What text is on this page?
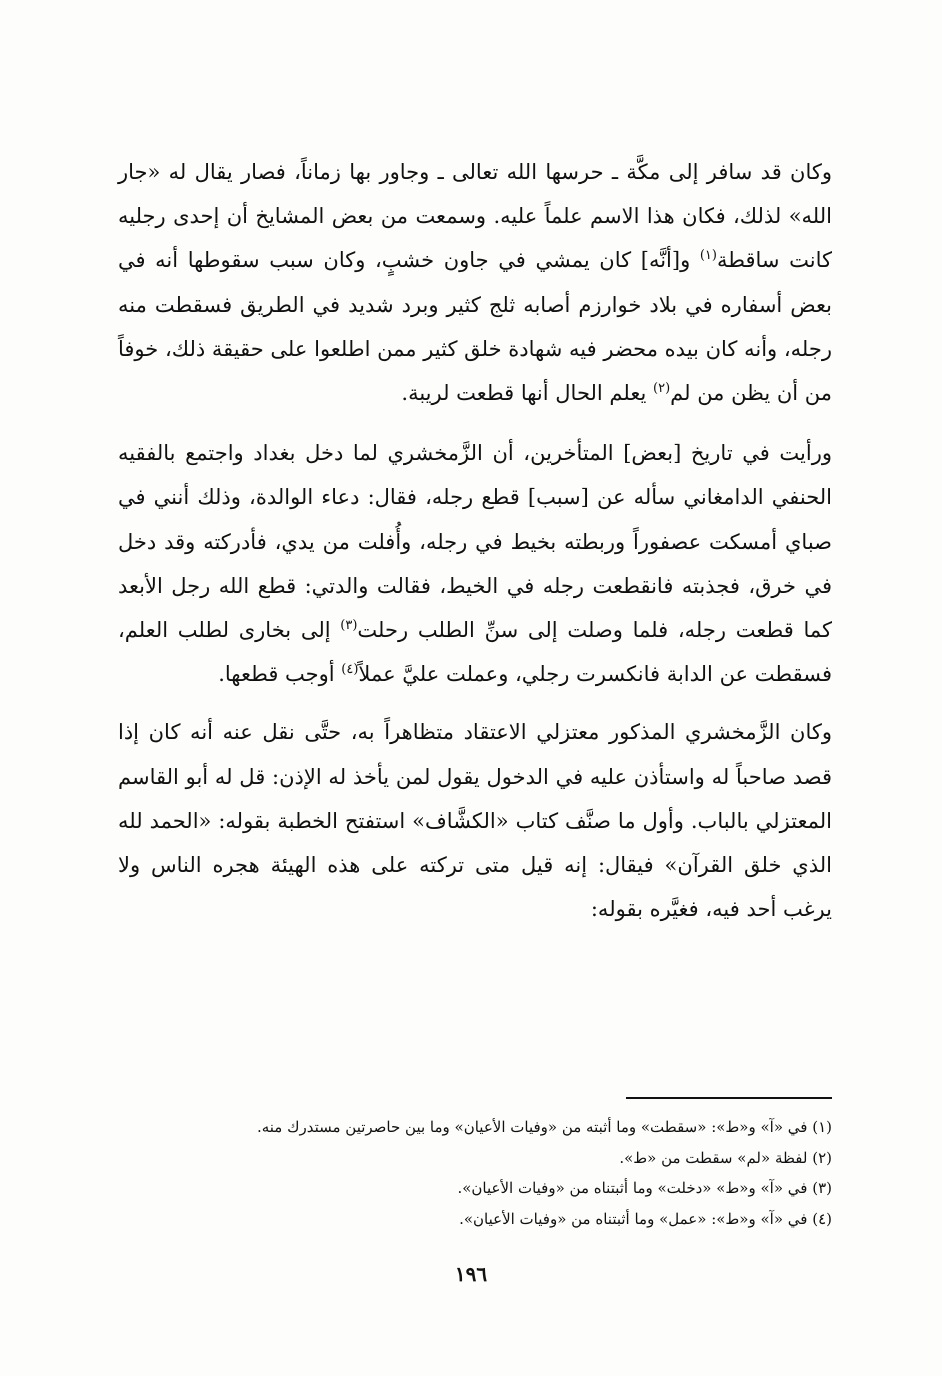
وكان قد سافر إلى مكَّة ـ حرسها الله تعالى ـ وجاور بها زماناً، فصار يقال له «جار الله» لذلك، فكان هذا الاسم علماً عليه. وسمعت من بعض المشايخ أن إحدى رجليه كانت ساقطة$^{(١)}$ و[أنَّه] كان يمشي في جاون خشبٍ، وكان سبب سقوطها أنه في بعض أسفاره في بلاد خوارزم أصابه ثلج كثير وبرد شديد في الطريق فسقطت منه رجله، وأنه كان بيده محضر فيه شهادة خلق كثير ممن اطلعوا على حقيقة ذلك، خوفاً من أن يظن من لم$^{(٢)}$ يعلم الحال أنها قطعت لريبة.

ورأيت في تاريخ [بعض] المتأخرين، أن الزَّمخشري لما دخل بغداد واجتمع بالفقيه الحنفي الدامغاني سأله عن [سبب] قطع رجله، فقال: دعاء الوالدة، وذلك أنني في صباي أمسكت عصفوراً وربطته بخيط في رجله، وأُفلت من يدي، فأدركته وقد دخل في خرق، فجذبته فانقطعت رجله في الخيط، فقالت والدتي: قطع الله رجل الأبعد كما قطعت رجله، فلما وصلت إلى سنِّ الطلب رحلت$^{(٣)}$ إلى بخارى لطلب العلم، فسقطت عن الدابة فانكسرت رجلي، وعملت عليَّ عملاً$^{(٤)}$ أوجب قطعها.

وكان الزَّمخشري المذكور معتزلي الاعتقاد متظاهراً به، حتَّى نقل عنه أنه كان إذا قصد صاحباً له واستأذن عليه في الدخول يقول لمن يأخذ له الإذن: قل له أبو القاسم المعتزلي بالباب. وأول ما صنَّف كتاب «الكشَّاف» استفتح الخطبة بقوله: «الحمد لله الذي خلق القرآن» فيقال: إنه قيل متى تركته على هذه الهيئة هجره الناس ولا يرغب أحد فيه، فغيَّره بقوله:

(١) في «آ» و«ط»: «سقطت» وما أثبته من «وفيات الأعيان» وما بين حاصرتين مستدرك منه.
(٢) لفظة «لم» سقطت من «ط».
(٣) في «آ» و«ط» «دخلت» وما أثبتناه من «وفيات الأعيان».
(٤) في «آ» و«ط»: «عمل» وما أثبتناه من «وفيات الأعيان».
١٩٦
